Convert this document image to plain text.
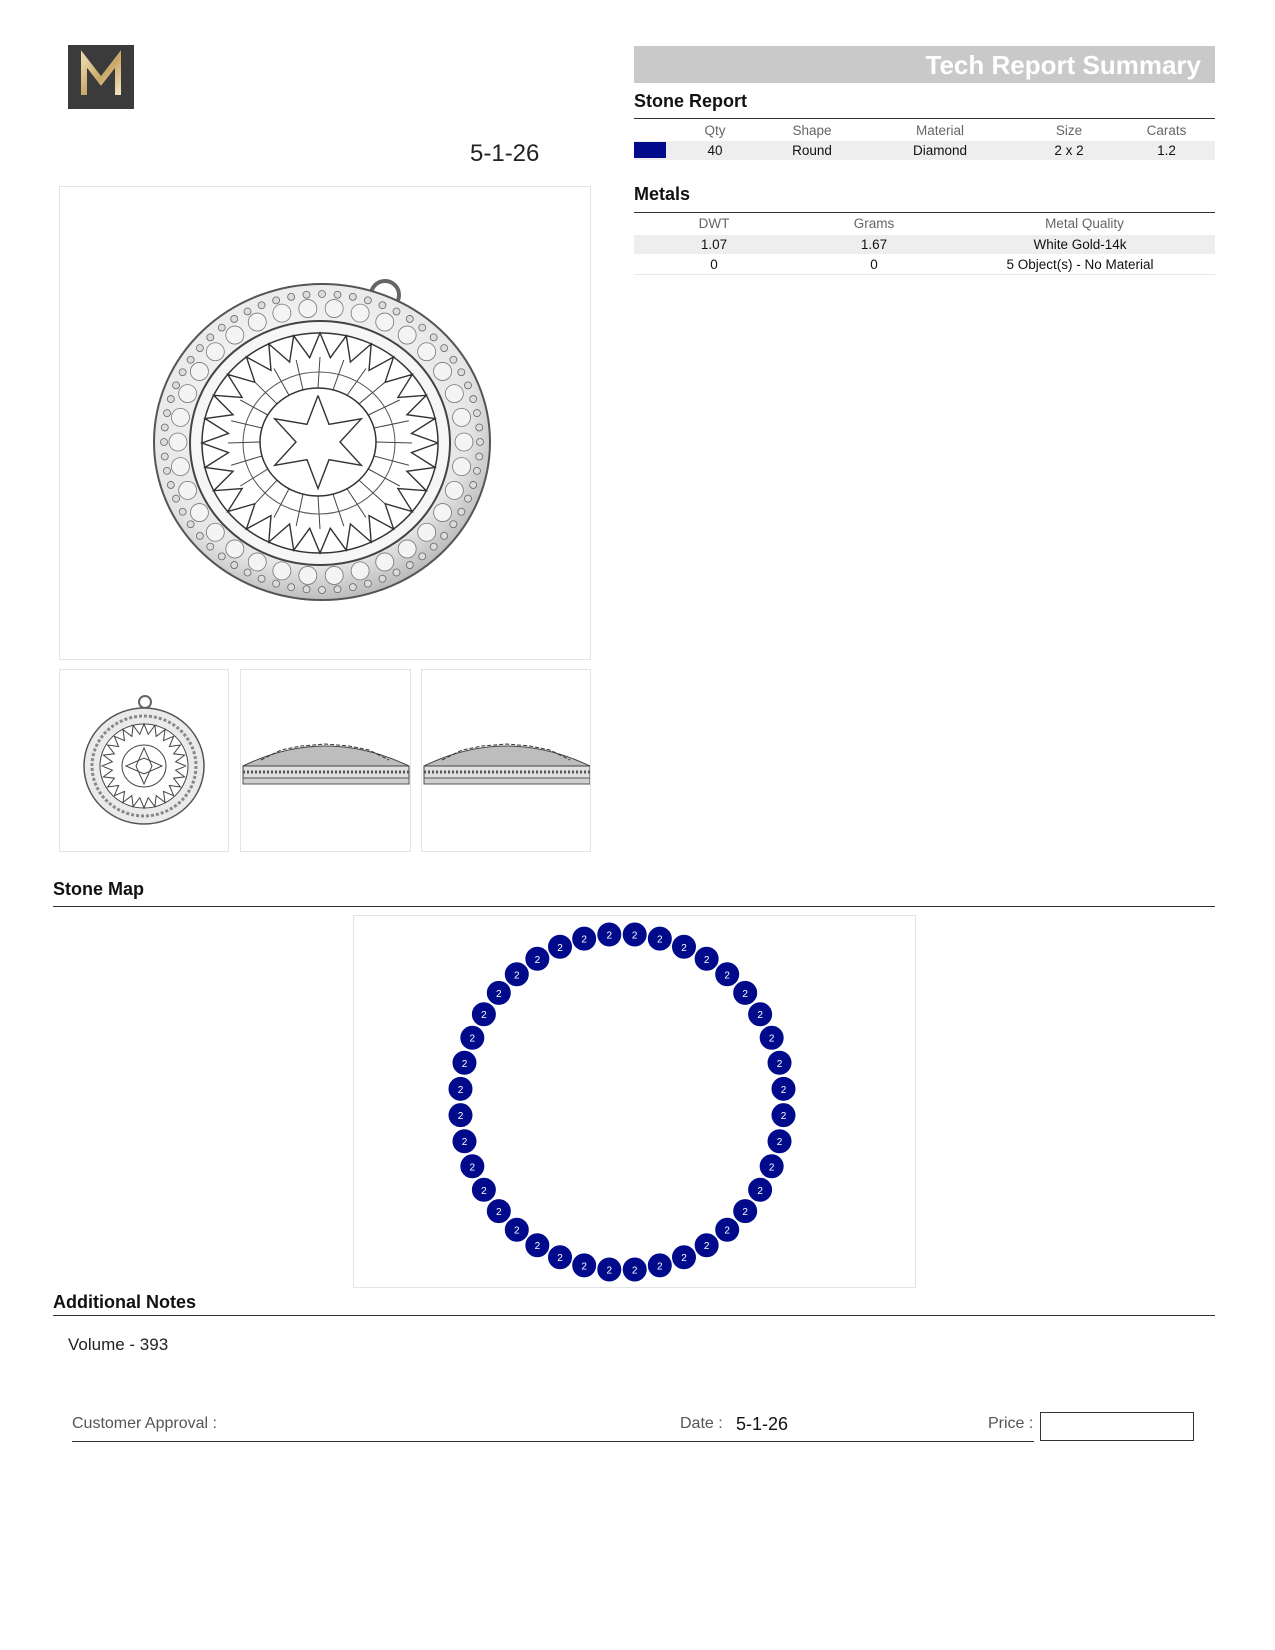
5-1-26
Tech Report Summary
Stone Report
Qty	Shape	Material	Size	Carats
40	Round	Diamond	2 x 2	1.2
Metals
DWT	Grams	Metal Quality
1.07	1.67	White Gold-14k
0	0	5 Object(s) - No Material
Stone Map
2 2
2
2
2
2
2
2
2
2
2
2
2
2
2
2
2
2
2
2
2
2
2
2
2
2
2
2
2
2
2
2
2
2
2
2
2
2
2 2
Additional Notes
Volume - 393
Customer Approval :	Date : 5-1-26	Price :
